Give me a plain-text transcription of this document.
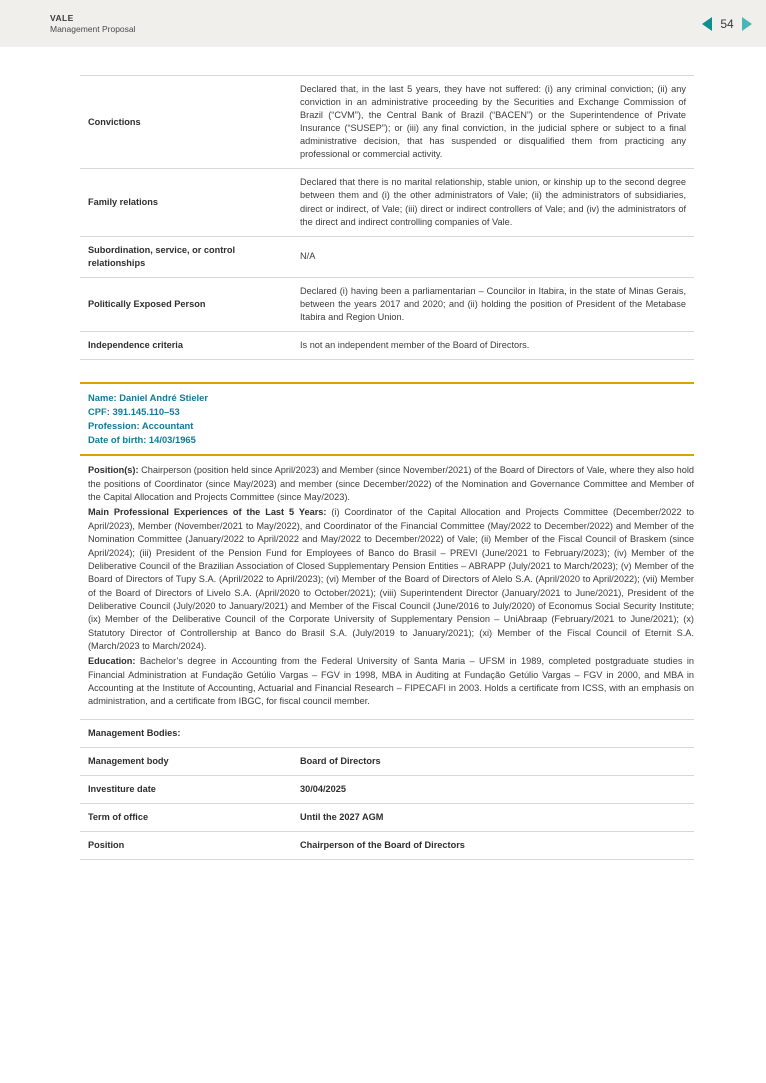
VALE
Management Proposal	54
Convictions	Declared that, in the last 5 years, they have not suffered: (i) any criminal conviction; (ii) any conviction in an administrative proceeding by the Securities and Exchange Commission of Brazil (“CVM”), the Central Bank of Brazil (“BACEN”) or the Superintendence of Private Insurance (“SUSEP”); or (iii) any final conviction, in the judicial sphere or subject to a final administrative decision, that has suspended or disqualified them from practicing any professional or commercial activity.
Family relations	Declared that there is no marital relationship, stable union, or kinship up to the second degree between them and (i) the other administrators of Vale; (ii) the administrators of subsidiaries, direct or indirect, of Vale; (iii) direct or indirect controllers of Vale; and (iv) the administrators of the direct and indirect controlling companies of Vale.
Subordination, service, or control relationships	N/A
Politically Exposed Person	Declared (i) having been a parliamentarian – Councilor in Itabira, in the state of Minas Gerais, between the years 2017 and 2020; and (ii) holding the position of President of the Metabase Itabira and Region Union.
Independence criteria	Is not an independent member of the Board of Directors.
Name: Daniel André Stieler
CPF: 391.145.110–53
Profession: Accountant
Date of birth: 14/03/1965

Position(s): Chairperson (position held since April/2023) and Member (since November/2021) of the Board of Directors of Vale, where they also hold the positions of Coordinator (since May/2023) and member (since December/2022) of the Nomination and Governance Committee and Member of the Capital Allocation and Projects Committee (since May/2023).

Main Professional Experiences of the Last 5 Years: (i) Coordinator of the Capital Allocation and Projects Committee (December/2022 to April/2023), Member (November/2021 to May/2022), and Coordinator of the Financial Committee (May/2022 to December/2022) and Member of the Nomination Committee (January/2022 to April/2022 and May/2022 to December/2022) of Vale; (ii) Member of the Fiscal Council of Braskem (since April/2024); (iii) President of the Pension Fund for Employees of Banco do Brasil – PREVI (June/2021 to February/2023); (iv) Member of the Deliberative Council of the Brazilian Association of Closed Supplementary Pension Entities – ABRAPP (July/2021 to March/2023); (v) Member of the Board of Directors of Tupy S.A. (April/2022 to April/2023); (vi) Member of the Board of Directors of Alelo S.A. (April/2020 to April/2022); (vii) Member of the Board of Directors of Livelo S.A. (April/2020 to October/2021); (viii) Superintendent Director (January/2021 to June/2021), President of the Deliberative Council (July/2020 to January/2021) and Member of the Fiscal Council (June/2016 to July/2020) of Economus Social Security Institute; (ix) Member of the Deliberative Council of the Corporate University of Supplementary Pension – UniAbraap (February/2021 to June/2021); (x) Statutory Director of Controllership at Banco do Brasil S.A. (July/2019 to January/2021); (xi) Member of the Fiscal Council of Eternit S.A. (March/2023 to March/2024).

Education: Bachelor’s degree in Accounting from the Federal University of Santa Maria – UFSM in 1989, completed postgraduate studies in Financial Administration at Fundação Getúlio Vargas – FGV in 1998, MBA in Auditing at Fundação Getúlio Vargas – FGV in 2000, and MBA in Accounting at the Institute of Accounting, Actuarial and Financial Research – FIPECAFI in 2003. Holds a certificate from ICSS, with an emphasis on administration, and a certificate from IBGC, for fiscal council member.

Management Bodies:	
Management body	Board of Directors
Investiture date	30/04/2025
Term of office	Until the 2027 AGM
Position	Chairperson of the Board of Directors
